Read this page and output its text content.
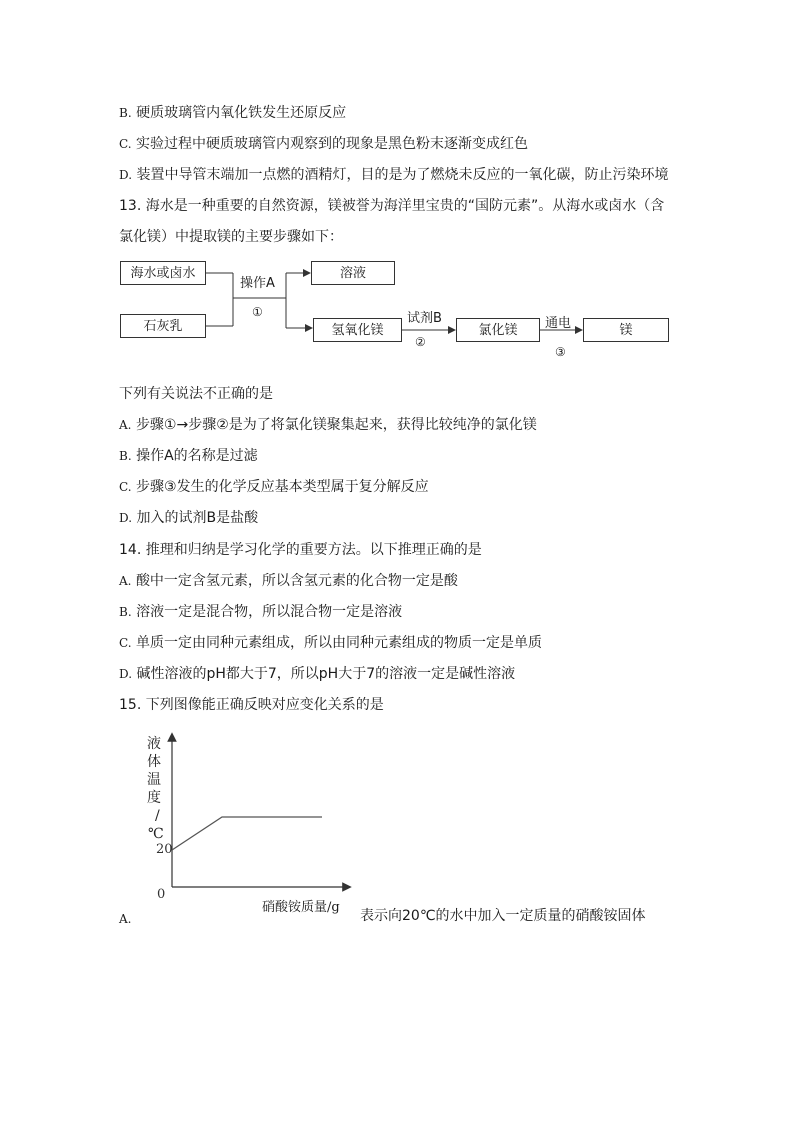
B. 硬质玻璃管内氧化铁发生还原反应
C. 实验过程中硬质玻璃管内观察到的现象是黑色粉末逐渐变成红色
D. 装置中导管末端加一点燃的酒精灯，目的是为了燃烧未反应的一氧化碳，防止污染环境
13. 海水是一种重要的自然资源，镁被誉为海洋里宝贵的“国防元素”。从海水或卤水（含
氯化镁）中提取镁的主要步骤如下：
海水或卤水
石灰乳
溶液
氢氧化镁	氯化镁	镁
操作A
①	试剂B
②
通电
③
下列有关说法不正确的是
A. 步骤①→步骤②是为了将氯化镁聚集起来，获得比较纯净的氯化镁
B. 操作A的名称是过滤
C. 步骤③发生的化学反应基本类型属于复分解反应
D. 加入的试剂B是盐酸
14. 推理和归纳是学习化学的重要方法。以下推理正确的是
A. 酸中一定含氢元素，所以含氢元素的化合物一定是酸
B. 溶液一定是混合物，所以混合物一定是溶液
C. 单质一定由同种元素组成，所以由同种元素组成的物质一定是单质
D. 碱性溶液的pH都大于7，所以pH大于7的溶液一定是碱性溶液
15. 下列图像能正确反映对应变化关系的是
液
体
温
度
/
℃
0
20
硝酸铵质量/g
A.	表示向20℃的水中加入一定质量的硝酸铵固体
